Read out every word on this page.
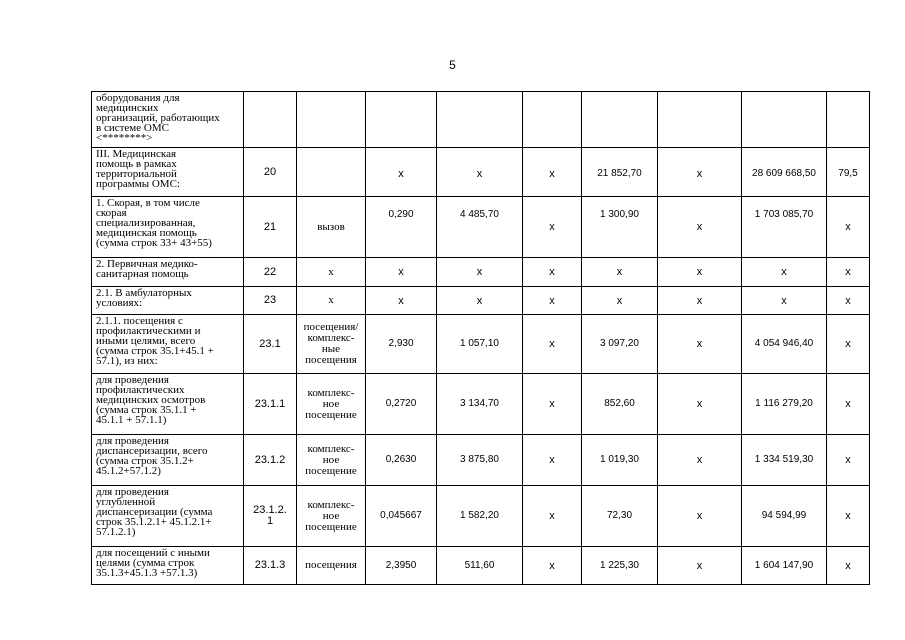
5
оборудования для
медицинских
организаций, работающих
в системе ОМС
<********>									
III. Медицинская
помощь в рамках
территориальной
программы ОМС:	20		x	x	x	21 852,70	x	28 609 668,50	79,5
1. Скорая, в том числе
скорая
специализированная,
медицинская помощь
(сумма строк 33+ 43+55)	21	вызов	0,290	4 485,70	x	1 300,90	x	1 703 085,70	x
2. Первичная медико-
санитарная помощь	22	x	x	x	x	x	x	x	x
2.1. В амбулаторных
условиях:	23	x	x	x	x	x	x	x	x
2.1.1. посещения с
профилактическими и
иными целями, всего
(сумма строк 35.1+45.1 +
57.1), из них:	23.1	посещения/
комплекс-
ные
посещения	2,930	1 057,10	x	3 097,20	x	4 054 946,40	x
для проведения
профилактических
медицинских осмотров
(сумма строк 35.1.1 +
45.1.1 + 57.1.1)	23.1.1	комплекс-
ное
посещение	0,2720	3 134,70	x	852,60	x	1 116 279,20	x
для проведения
диспансеризации, всего
(сумма строк 35.1.2+
45.1.2+57.1.2)	23.1.2	комплекс-
ное
посещение	0,2630	3 875,80	x	1 019,30	x	1 334 519,30	x
для проведения
углубленной
диспансеризации (сумма
строк 35.1.2.1+ 45.1.2.1+
57.1.2.1)	23.1.2.
1	комплекс-
ное
посещение	0,045667	1 582,20	x	72,30	x	94 594,99	x
для посещений с иными
целями (сумма строк
35.1.3+45.1.3 +57.1.3)	23.1.3	посещения	2,3950	511,60	x	1 225,30	x	1 604 147,90	x
